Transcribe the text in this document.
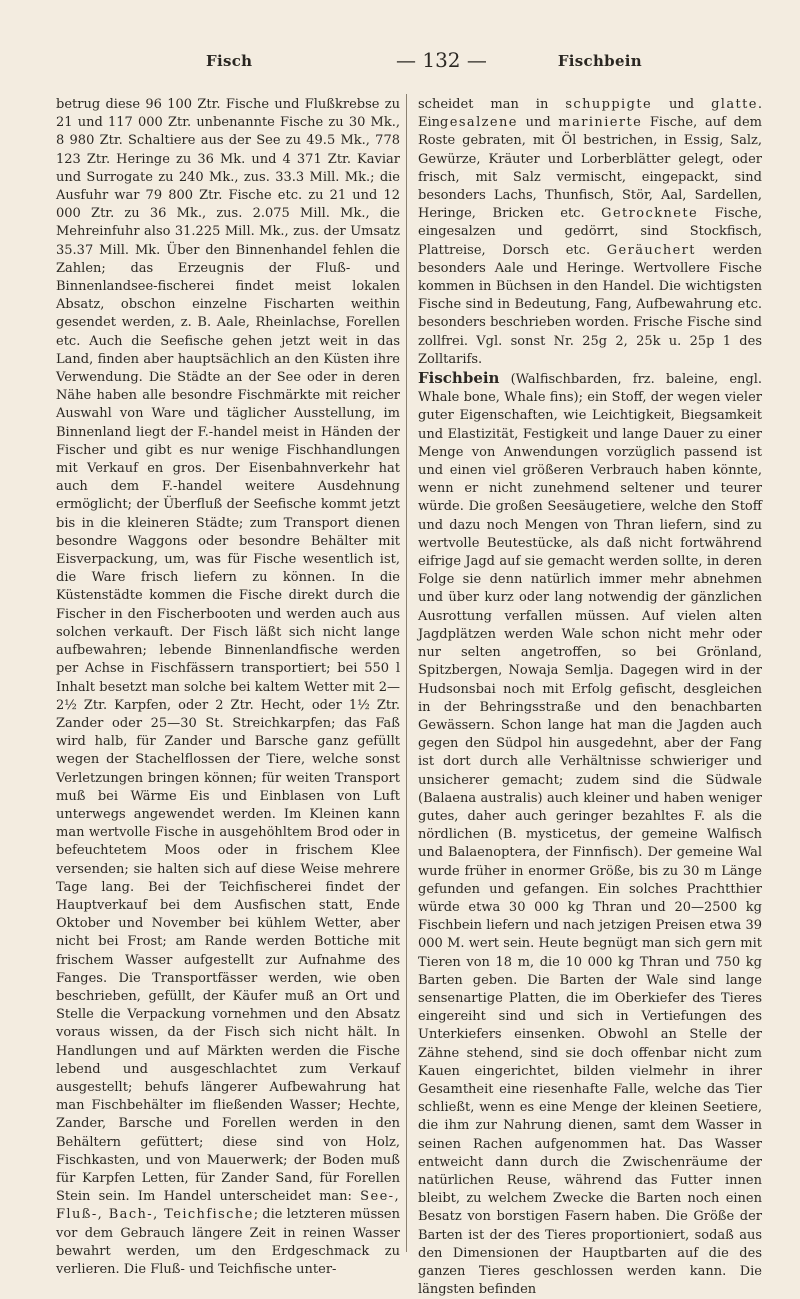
Fisch	— 132 —	Fischbein

betrug diese 96 100 Ztr. Fische und Flußkrebse zu 21 und 117 000 Ztr. unbenannte Fische zu 30 Mk., 8 980 Ztr. Schaltiere aus der See zu 49.5 Mk., 778 123 Ztr. Heringe zu 36 Mk. und 4 371 Ztr. Kaviar und Surrogate zu 240 Mk., zus. 33.3 Mill. Mk.; die Ausfuhr war 79 800 Ztr. Fische etc. zu 21 und 12 000 Ztr. zu 36 Mk., zus. 2.075 Mill. Mk., die Mehreinfuhr also 31.225 Mill. Mk., zus. der Umsatz 35.37 Mill. Mk. Über den Binnenhandel fehlen die Zahlen; das Erzeugnis der Fluß- und Binnenlandsee-fischerei findet meist lokalen Absatz, obschon einzelne Fischarten weithin gesendet werden, z. B. Aale, Rheinlachse, Forellen etc. Auch die Seefische gehen jetzt weit in das Land, finden aber hauptsächlich an den Küsten ihre Verwendung. Die Städte an der See oder in deren Nähe haben alle besondre Fischmärkte mit reicher Auswahl von Ware und täglicher Ausstellung, im Binnenland liegt der F.-handel meist in Händen der Fischer und gibt es nur wenige Fischhandlungen mit Verkauf en gros. Der Eisenbahnverkehr hat auch dem F.-handel weitere Ausdehnung ermöglicht; der Überfluß der Seefische kommt jetzt bis in die kleineren Städte; zum Transport dienen besondre Waggons oder besondre Behälter mit Eisverpackung, um, was für Fische wesentlich ist, die Ware frisch liefern zu können. In die Küstenstädte kommen die Fische direkt durch die Fischer in den Fischerbooten und werden auch aus solchen verkauft. Der Fisch läßt sich nicht lange aufbewahren; lebende Binnenlandfische werden per Achse in Fischfässern transportiert; bei 550 l Inhalt besetzt man solche bei kaltem Wetter mit 2—2½ Ztr. Karpfen, oder 2 Ztr. Hecht, oder 1½ Ztr. Zander oder 25—30 St. Streichkarpfen; das Faß wird halb, für Zander und Barsche ganz gefüllt wegen der Stachelflossen der Tiere, welche sonst Verletzungen bringen können; für weiten Transport muß bei Wärme Eis und Einblasen von Luft unterwegs angewendet werden. Im Kleinen kann man wertvolle Fische in ausgehöhltem Brod oder in befeuchtetem Moos oder in frischem Klee versenden; sie halten sich auf diese Weise mehrere Tage lang. Bei der Teichfischerei findet der Hauptverkauf bei dem Ausfischen statt, Ende Oktober und November bei kühlem Wetter, aber nicht bei Frost; am Rande werden Bottiche mit frischem Wasser aufgestellt zur Aufnahme des Fanges. Die Transportfässer werden, wie oben beschrieben, gefüllt, der Käufer muß an Ort und Stelle die Verpackung vornehmen und den Absatz voraus wissen, da der Fisch sich nicht hält. In Handlungen und auf Märkten werden die Fische lebend und ausgeschlachtet zum Verkauf ausgestellt; behufs längerer Aufbewahrung hat man Fischbehälter im fließenden Wasser; Hechte, Zander, Barsche und Forellen werden in den Behältern gefüttert; diese sind von Holz, Fischkasten, und von Mauerwerk; der Boden muß für Karpfen Letten, für Zander Sand, für Forellen Stein sein. Im Handel unterscheidet man: See-, Fluß-, Bach-, Teichfische; die letzteren müssen vor dem Gebrauch längere Zeit in reinen Wasser bewahrt werden, um den Erdgeschmack zu verlieren. Die Fluß- und Teichfische unter-

scheidet man in schuppigte und glatte. Eingesalzene und marinierte Fische, auf dem Roste gebraten, mit Öl bestrichen, in Essig, Salz, Gewürze, Kräuter und Lorberblätter gelegt, oder frisch, mit Salz vermischt, eingepackt, sind besonders Lachs, Thunfisch, Stör, Aal, Sardellen, Heringe, Bricken etc. Getrocknete Fische, eingesalzen und gedörrt, sind Stockfisch, Plattreise, Dorsch etc. Geräuchert werden besonders Aale und Heringe. Wertvollere Fische kommen in Büchsen in den Handel. Die wichtigsten Fische sind in Bedeutung, Fang, Aufbewahrung etc. besonders beschrieben worden. Frische Fische sind zollfrei. Vgl. sonst Nr. 25g 2, 25k u. 25p 1 des Zolltarifs.

Fischbein (Walfischbarden, frz. baleine, engl. Whale bone, Whale fins); ein Stoff, der wegen vieler guter Eigenschaften, wie Leichtigkeit, Biegsamkeit und Elastizität, Festigkeit und lange Dauer zu einer Menge von Anwendungen vorzüglich passend ist und einen viel größeren Verbrauch haben könnte, wenn er nicht zunehmend seltener und teurer würde. Die großen Seesäugetiere, welche den Stoff und dazu noch Mengen von Thran liefern, sind zu wertvolle Beutestücke, als daß nicht fortwährend eifrige Jagd auf sie gemacht werden sollte, in deren Folge sie denn natürlich immer mehr abnehmen und über kurz oder lang notwendig der gänzlichen Ausrottung verfallen müssen. Auf vielen alten Jagdplätzen werden Wale schon nicht mehr oder nur selten angetroffen, so bei Grönland, Spitzbergen, Nowaja Semlja. Dagegen wird in der Hudsonsbai noch mit Erfolg gefischt, desgleichen in der Behringsstraße und den benachbarten Gewässern. Schon lange hat man die Jagden auch gegen den Südpol hin ausgedehnt, aber der Fang ist dort durch alle Verhältnisse schwieriger und unsicherer gemacht; zudem sind die Südwale (Balaena australis) auch kleiner und haben weniger gutes, daher auch geringer bezahltes F. als die nördlichen (B. mysticetus, der gemeine Walfisch und Balaenoptera, der Finnfisch). Der gemeine Wal wurde früher in enormer Größe, bis zu 30 m Länge gefunden und gefangen. Ein solches Prachtthier würde etwa 30 000 kg Thran und 20—2500 kg Fischbein liefern und nach jetzigen Preisen etwa 39 000 M. wert sein. Heute begnügt man sich gern mit Tieren von 18 m, die 10 000 kg Thran und 750 kg Barten geben. Die Barten der Wale sind lange sensenartige Platten, die im Oberkiefer des Tieres eingereiht sind und sich in Vertiefungen des Unterkiefers einsenken. Obwohl an Stelle der Zähne stehend, sind sie doch offenbar nicht zum Kauen eingerichtet, bilden vielmehr in ihrer Gesamtheit eine riesenhafte Falle, welche das Tier schließt, wenn es eine Menge der kleinen Seetiere, die ihm zur Nahrung dienen, samt dem Wasser in seinen Rachen aufgenommen hat. Das Wasser entweicht dann durch die Zwischenräume der natürlichen Reuse, während das Futter innen bleibt, zu welchem Zwecke die Barten noch einen Besatz von borstigen Fasern haben. Die Größe der Barten ist der des Tieres proportioniert, sodaß aus den Dimensionen der Hauptbarten auf die des ganzen Tieres geschlossen werden kann. Die längsten befinden
